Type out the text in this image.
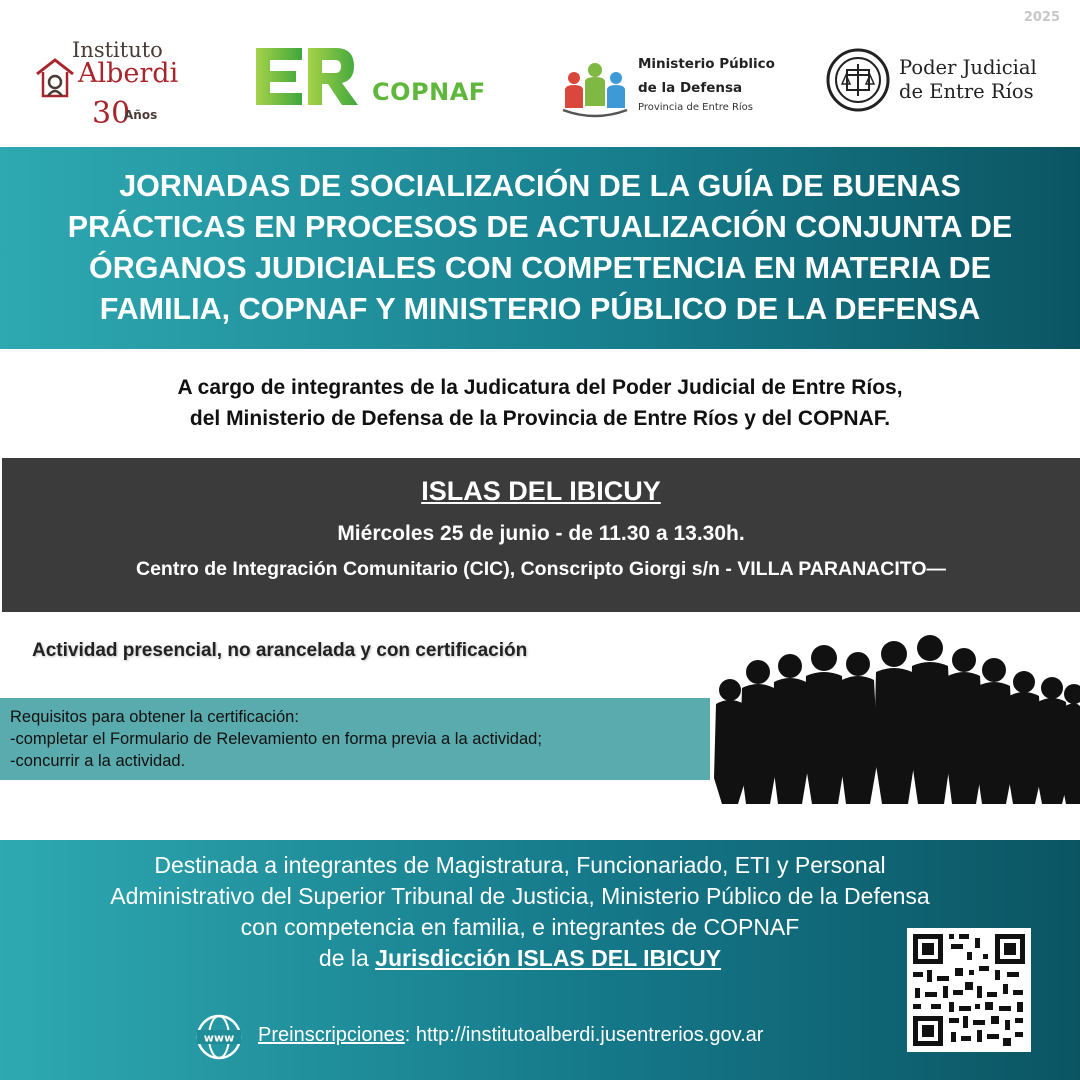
2025
Instituto
Alberdi
30
Años
COPNAF
Ministerio Público
de la Defensa
Provincia de Entre Ríos
Poder Judicial
de Entre Ríos
JORNADAS DE SOCIALIZACIÓN DE LA GUÍA DE BUENAS
PRÁCTICAS EN PROCESOS DE ACTUALIZACIÓN CONJUNTA DE
ÓRGANOS JUDICIALES CON COMPETENCIA EN MATERIA DE
FAMILIA, COPNAF Y MINISTERIO PÚBLICO DE LA DEFENSA
A cargo de integrantes de la Judicatura del Poder Judicial de Entre Ríos,
del Ministerio de Defensa de la Provincia de Entre Ríos y del COPNAF.
ISLAS DEL IBICUY
Miércoles 25 de junio - de 11.30 a 13.30h.
Centro de Integración Comunitario (CIC), Conscripto Giorgi s/n - VILLA PARANACITO—
Actividad presencial, no arancelada y con certificación
Requisitos para obtener la certificación:
-completar el Formulario de Relevamiento en forma previa a la actividad;
-concurrir a la actividad.
Destinada a integrantes de Magistratura, Funcionariado, ETI y Personal
Administrativo del Superior Tribunal de Justicia, Ministerio Público de la Defensa
con competencia en familia, e integrantes de COPNAF
de la Jurisdicción ISLAS DEL IBICUY
www Preinscripciones: http://institutoalberdi.jusentrerios.gov.ar
